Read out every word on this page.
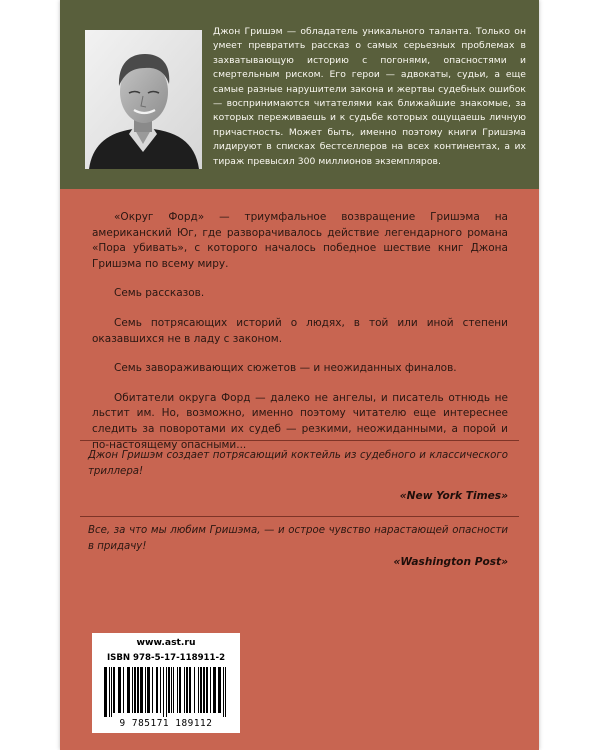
Джон Гришэм — обладатель уникального таланта. Только он умеет превратить рассказ о самых серьезных проблемах в захватывающую историю с погонями, опасностями и смертельным риском. Его герои — адвокаты, судьи, а еще самые разные нарушители закона и жертвы судебных ошибок — воспринимаются читателями как ближайшие знакомые, за которых переживаешь и к судьбе которых ощущаешь личную причастность. Может быть, именно поэтому книги Гришэма лидируют в списках бестселлеров на всех континентах, а их тираж превысил 300 миллионов экземпляров.

«Округ Форд» — триумфальное возвращение Гришэма на американский Юг, где разворачивалось действие легендарного романа «Пора убивать», с которого началось победное шествие книг Джона Гришэма по всему миру.

Семь рассказов.

Семь потрясающих историй о людях, в той или иной степени оказавшихся не в ладу с законом.

Семь завораживающих сюжетов — и неожиданных финалов.

Обитатели округа Форд — далеко не ангелы, и писатель отнюдь не льстит им. Но, возможно, именно поэтому читателю еще интереснее следить за поворотами их судеб — резкими, неожиданными, а порой и по-настоящему опасными...

Джон Гришэм создает потрясающий коктейль из судебного и классического триллера!

«New York Times»

Все, за что мы любим Гришэма, — и острое чувство нарастающей опасности в придачу!

«Washington Post»
www.ast.ru
ISBN 978-5-17-118911-2
9 785171 189112
